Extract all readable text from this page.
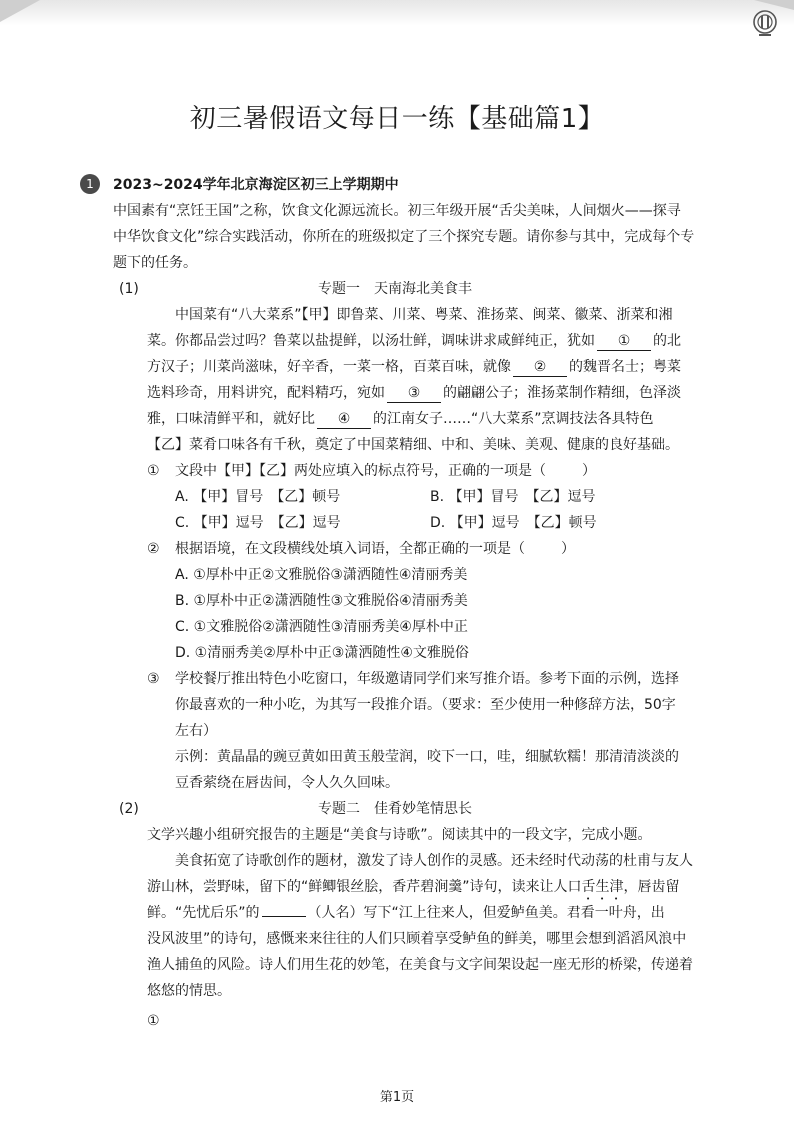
初三暑假语文每日一练【基础篇1】
1	2023~2024学年北京海淀区初三上学期期中
中国素有“烹饪王国”之称，饮食文化源远流长。初三年级开展“舌尖美味，人间烟火——探寻
中华饮食文化”综合实践活动，你所在的班级拟定了三个探究专题。请你参与其中，完成每个专
题下的任务。
(1)	专题一　天南海北美食丰
中国菜有“八大菜系”【甲】即鲁菜、川菜、粤菜、淮扬菜、闽菜、徽菜、浙菜和湘
菜。你都品尝过吗？鲁菜以盐提鲜，以汤壮鲜，调味讲求咸鲜纯正，犹如 ① 的北
方汉子；川菜尚滋味，好辛香，一菜一格，百菜百味，就像 ② 的魏晋名士；粤菜
选料珍奇，用料讲究，配料精巧，宛如 ③ 的翩翩公子；淮扬菜制作精细，色泽淡
雅，口味清鲜平和，就好比 ④ 的江南女子……“八大菜系”烹调技法各具特色
【乙】菜肴口味各有千秋，奠定了中国菜精细、中和、美味、美观、健康的良好基础。
① 文段中【甲】【乙】两处应填入的标点符号，正确的一项是（	）
A. 【甲】冒号　【乙】顿号	B. 【甲】冒号　【乙】逗号
C. 【甲】逗号　【乙】逗号	D. 【甲】逗号　【乙】顿号
② 根据语境，在文段横线处填入词语，全都正确的一项是（	）
A. ①厚朴中正②文雅脱俗③潇洒随性④清丽秀美
B. ①厚朴中正②潇洒随性③文雅脱俗④清丽秀美
C. ①文雅脱俗②潇洒随性③清丽秀美④厚朴中正
D. ①清丽秀美②厚朴中正③潇洒随性④文雅脱俗
③ 学校餐厅推出特色小吃窗口，年级邀请同学们来写推介语。参考下面的示例，选择
你最喜欢的一种小吃，为其写一段推介语。（要求：至少使用一种修辞方法，50字
左右）
示例：黄晶晶的豌豆黄如田黄玉般莹润，咬下一口，哇，细腻软糯！那清清淡淡的
豆香萦绕在唇齿间，令人久久回味。
(2)	专题二　佳肴妙笔情思长
文学兴趣小组研究报告的主题是“美食与诗歌”。阅读其中的一段文字，完成小题。
美食拓宽了诗歌创作的题材，激发了诗人创作的灵感。还未经时代动荡的杜甫与友人
游山林，尝野味，留下的“鲜鲫银丝脍，香芹碧涧羹”诗句，读来让人口舌生津，唇齿留
鲜。“先忧后乐”的	（人名）写下“江上往来人，但爱鲈鱼美。君看一叶舟，出
没风波里”的诗句，感慨来来往往的人们只顾着享受鲈鱼的鲜美，哪里会想到滔滔风浪中
渔人捕鱼的风险。诗人们用生花的妙笔，在美食与文字间架设起一座无形的桥梁，传递着
悠悠的情思。
①
第1页
